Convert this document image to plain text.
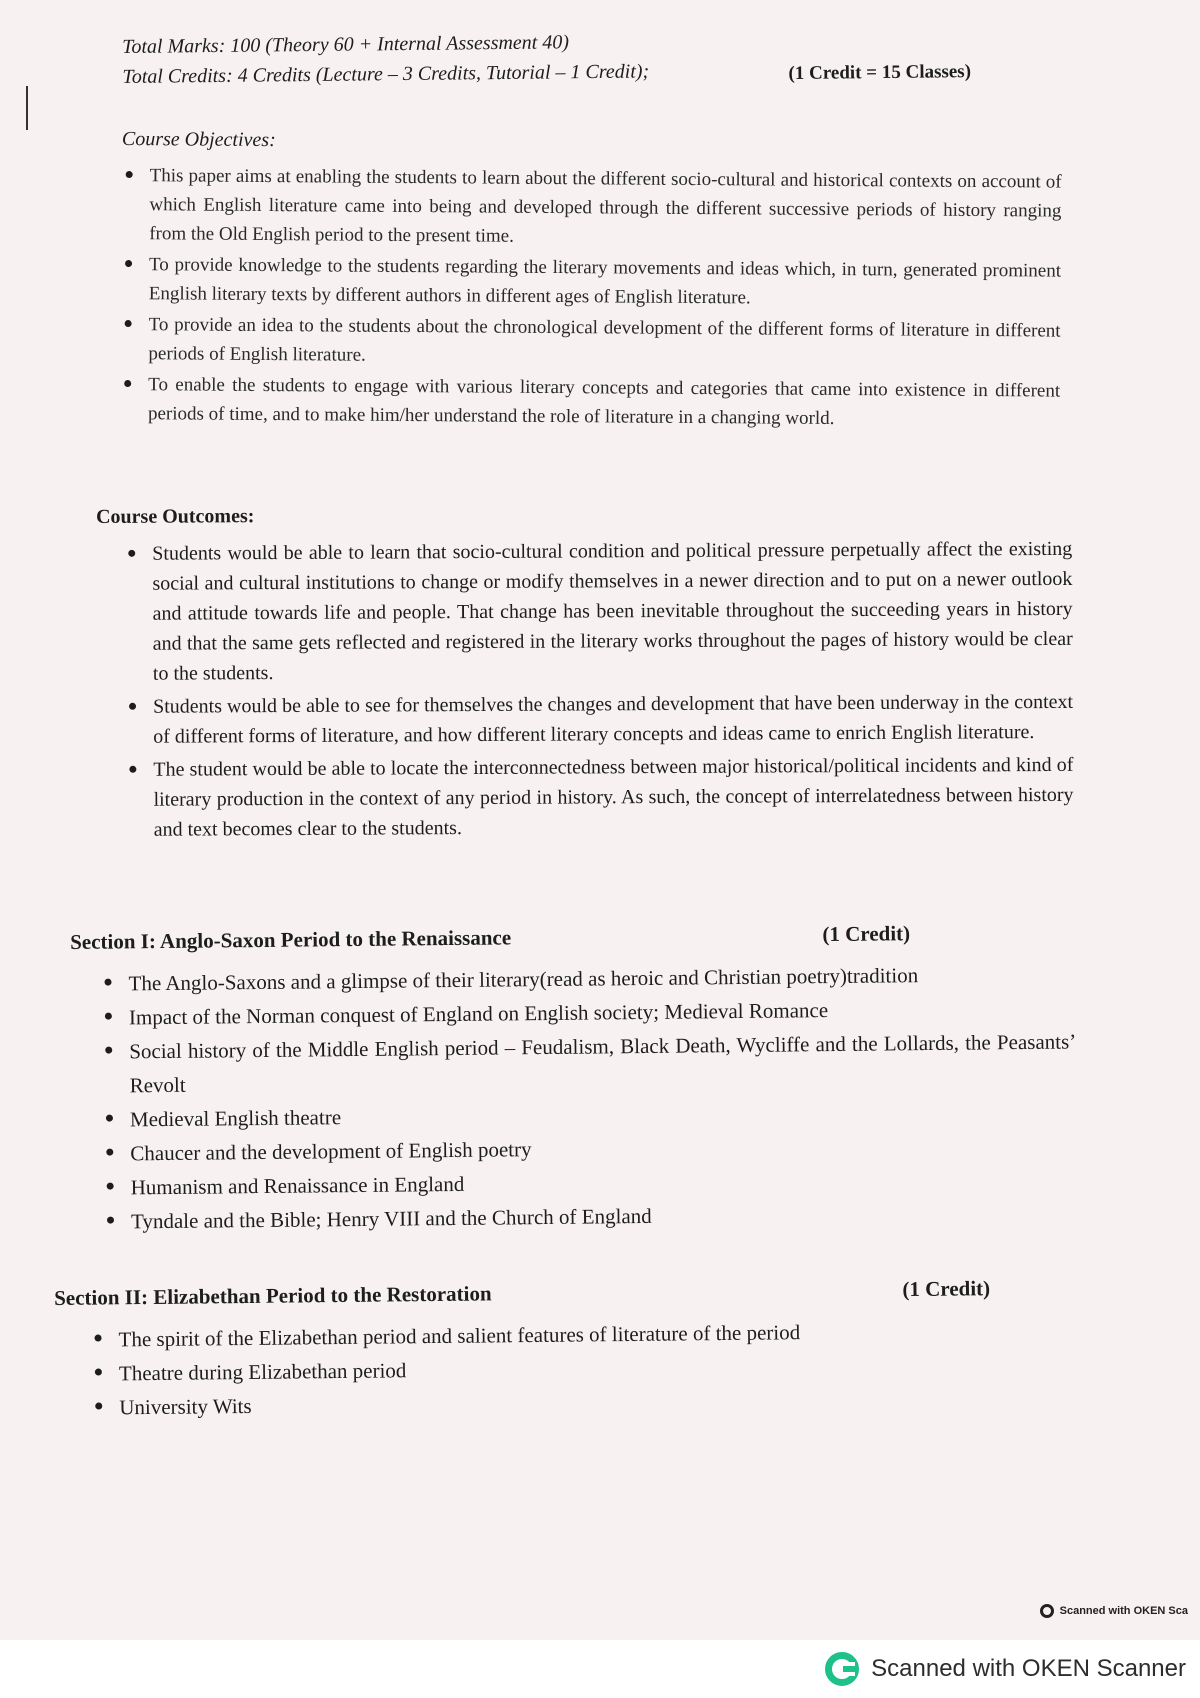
Total Marks: 100 (Theory 60 + Internal Assessment 40)
Total Credits: 4 Credits (Lecture – 3 Credits, Tutorial – 1 Credit);	(1 Credit = 15 Classes)
Course Objectives:
This paper aims at enabling the students to learn about the different socio-cultural and historical contexts on account of which English literature came into being and developed through the different successive periods of history ranging from the Old English period to the present time.
To provide knowledge to the students regarding the literary movements and ideas which, in turn, generated prominent English literary texts by different authors in different ages of English literature.
To provide an idea to the students about the chronological development of the different forms of literature in different periods of English literature.
To enable the students to engage with various literary concepts and categories that came into existence in different periods of time, and to make him/her understand the role of literature in a changing world.
Course Outcomes:
Students would be able to learn that socio-cultural condition and political pressure perpetually affect the existing social and cultural institutions to change or modify themselves in a newer direction and to put on a newer outlook and attitude towards life and people. That change has been inevitable throughout the succeeding years in history and that the same gets reflected and registered in the literary works throughout the pages of history would be clear to the students.
Students would be able to see for themselves the changes and development that have been underway in the context of different forms of literature, and how different literary concepts and ideas came to enrich English literature.
The student would be able to locate the interconnectedness between major historical/political incidents and kind of literary production in the context of any period in history. As such, the concept of interrelatedness between history and text becomes clear to the students.
Section I: Anglo-Saxon Period to the Renaissance	(1 Credit)
The Anglo-Saxons and a glimpse of their literary(read as heroic and Christian poetry)tradition
Impact of the Norman conquest of England on English society; Medieval Romance
Social history of the Middle English period – Feudalism, Black Death, Wycliffe and the Lollards, the Peasants’ Revolt
Medieval English theatre
Chaucer and the development of English poetry
Humanism and Renaissance in England
Tyndale and the Bible; Henry VIII and the Church of England
Section II: Elizabethan Period to the Restoration	(1 Credit)
The spirit of the Elizabethan period and salient features of literature of the period
Theatre during Elizabethan period
University Wits
Scanned with OKEN Sca
Scanned with OKEN Scanner
